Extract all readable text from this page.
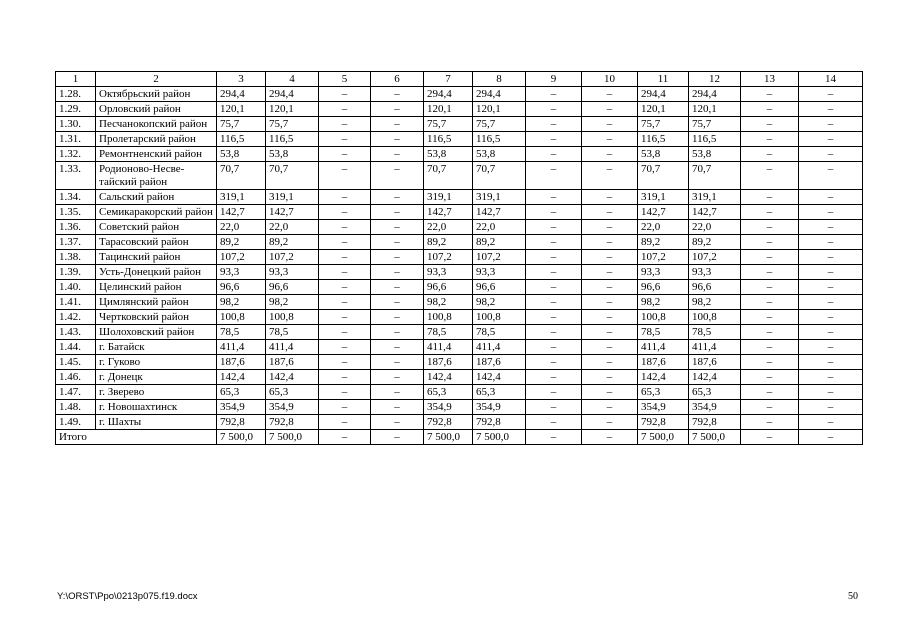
1	2	3	4	5	6	7	8	9	10	11	12	13	14
1.28.	Октябрьский район	294,4	294,4	–	–	294,4	294,4	–	–	294,4	294,4	–	–
1.29.	Орловский район	120,1	120,1	–	–	120,1	120,1	–	–	120,1	120,1	–	–
1.30.	Песчанокопский район	75,7	75,7	–	–	75,7	75,7	–	–	75,7	75,7	–	–
1.31.	Пролетарский район	116,5	116,5	–	–	116,5	116,5	–	–	116,5	116,5	–	–
1.32.	Ремонтненский район	53,8	53,8	–	–	53,8	53,8	–	–	53,8	53,8	–	–
1.33.	Родионово-Несве-тайский район	70,7	70,7	–	–	70,7	70,7	–	–	70,7	70,7	–	–
1.34.	Сальский район	319,1	319,1	–	–	319,1	319,1	–	–	319,1	319,1	–	–
1.35.	Семикаракорский район	142,7	142,7	–	–	142,7	142,7	–	–	142,7	142,7	–	–
1.36.	Советский район	22,0	22,0	–	–	22,0	22,0	–	–	22,0	22,0	–	–
1.37.	Тарасовский район	89,2	89,2	–	–	89,2	89,2	–	–	89,2	89,2	–	–
1.38.	Тацинский район	107,2	107,2	–	–	107,2	107,2	–	–	107,2	107,2	–	–
1.39.	Усть-Донецкий район	93,3	93,3	–	–	93,3	93,3	–	–	93,3	93,3	–	–
1.40.	Целинский район	96,6	96,6	–	–	96,6	96,6	–	–	96,6	96,6	–	–
1.41.	Цимлянский район	98,2	98,2	–	–	98,2	98,2	–	–	98,2	98,2	–	–
1.42.	Чертковский район	100,8	100,8	–	–	100,8	100,8	–	–	100,8	100,8	–	–
1.43.	Шолоховский район	78,5	78,5	–	–	78,5	78,5	–	–	78,5	78,5	–	–
1.44.	г. Батайск	411,4	411,4	–	–	411,4	411,4	–	–	411,4	411,4	–	–
1.45.	г. Гуково	187,6	187,6	–	–	187,6	187,6	–	–	187,6	187,6	–	–
1.46.	г. Донецк	142,4	142,4	–	–	142,4	142,4	–	–	142,4	142,4	–	–
1.47.	г. Зверево	65,3	65,3	–	–	65,3	65,3	–	–	65,3	65,3	–	–
1.48.	г. Новошахтинск	354,9	354,9	–	–	354,9	354,9	–	–	354,9	354,9	–	–
1.49.	г. Шахты	792,8	792,8	–	–	792,8	792,8	–	–	792,8	792,8	–	–
Итого		7 500,0	7 500,0	–	–	7 500,0	7 500,0	–	–	7 500,0	7 500,0	–	–
Y:\ORST\Ppo\0213p075.f19.docx	50
